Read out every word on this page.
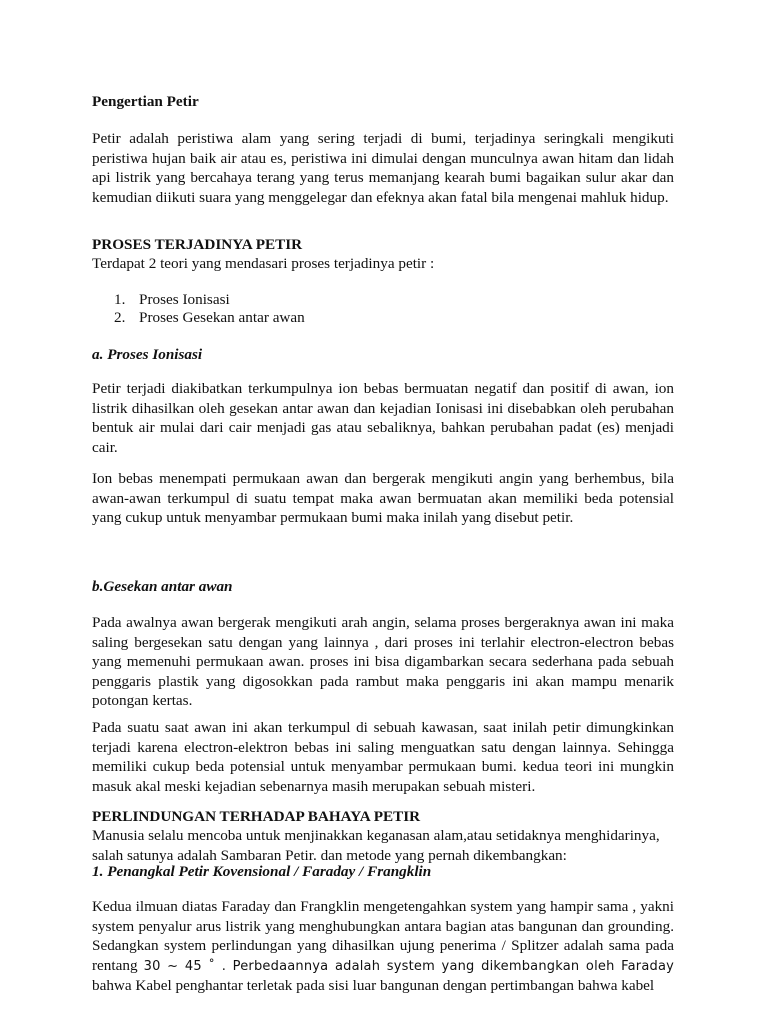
Pengertian Petir

Petir adalah peristiwa alam yang sering terjadi di bumi, terjadinya seringkali mengikuti peristiwa hujan baik air atau es, peristiwa ini dimulai dengan munculnya awan hitam dan lidah api listrik yang bercahaya terang yang terus memanjang kearah bumi bagaikan sulur akar dan kemudian diikuti suara yang menggelegar dan efeknya akan fatal bila mengenai mahluk hidup.

PROSES TERJADINYA PETIR

Terdapat 2 teori yang mendasari proses terjadinya petir :

1. Proses Ionisasi
2. Proses Gesekan antar awan

a. Proses Ionisasi

Petir terjadi diakibatkan terkumpulnya ion bebas bermuatan negatif dan positif di awan, ion listrik dihasilkan oleh gesekan antar awan dan kejadian Ionisasi ini disebabkan oleh perubahan bentuk air mulai dari cair menjadi gas atau sebaliknya, bahkan perubahan padat (es) menjadi cair.

Ion bebas menempati permukaan awan dan bergerak mengikuti angin yang berhembus, bila awan-awan terkumpul di suatu tempat maka awan bermuatan akan memiliki beda potensial yang cukup untuk menyambar permukaan bumi maka inilah yang disebut petir.

b.Gesekan antar awan

Pada awalnya awan bergerak mengikuti arah angin, selama proses bergeraknya awan ini maka saling bergesekan satu dengan yang lainnya , dari proses ini terlahir electron-electron bebas yang memenuhi permukaan awan. proses ini bisa digambarkan secara sederhana pada sebuah penggaris plastik yang digosokkan pada rambut maka penggaris ini akan mampu menarik potongan kertas.

Pada suatu saat awan ini akan terkumpul di sebuah kawasan, saat inilah petir dimungkinkan terjadi karena electron-elektron bebas ini saling menguatkan satu dengan lainnya. Sehingga memiliki cukup beda potensial untuk menyambar permukaan bumi. kedua teori ini mungkin masuk akal meski kejadian sebenarnya masih merupakan sebuah misteri.

PERLINDUNGAN TERHADAP BAHAYA PETIR

Manusia selalu mencoba untuk menjinakkan keganasan alam,atau setidaknya menghidarinya, salah satunya adalah Sambaran Petir. dan metode yang pernah dikembangkan:

1. Penangkal Petir Kovensional / Faraday / Frangklin

Kedua ilmuan diatas Faraday dan Frangklin mengetengahkan system yang hampir sama , yakni system penyalur arus listrik yang menghubungkan antara bagian atas bangunan dan grounding. Sedangkan system perlindungan yang dihasilkan ujung penerima / Splitzer adalah sama pada rentang 30 ~ 45 ˚ . Perbedaannya adalah system yang dikembangkan oleh Faraday bahwa Kabel penghantar terletak pada sisi luar bangunan dengan pertimbangan bahwa kabel
